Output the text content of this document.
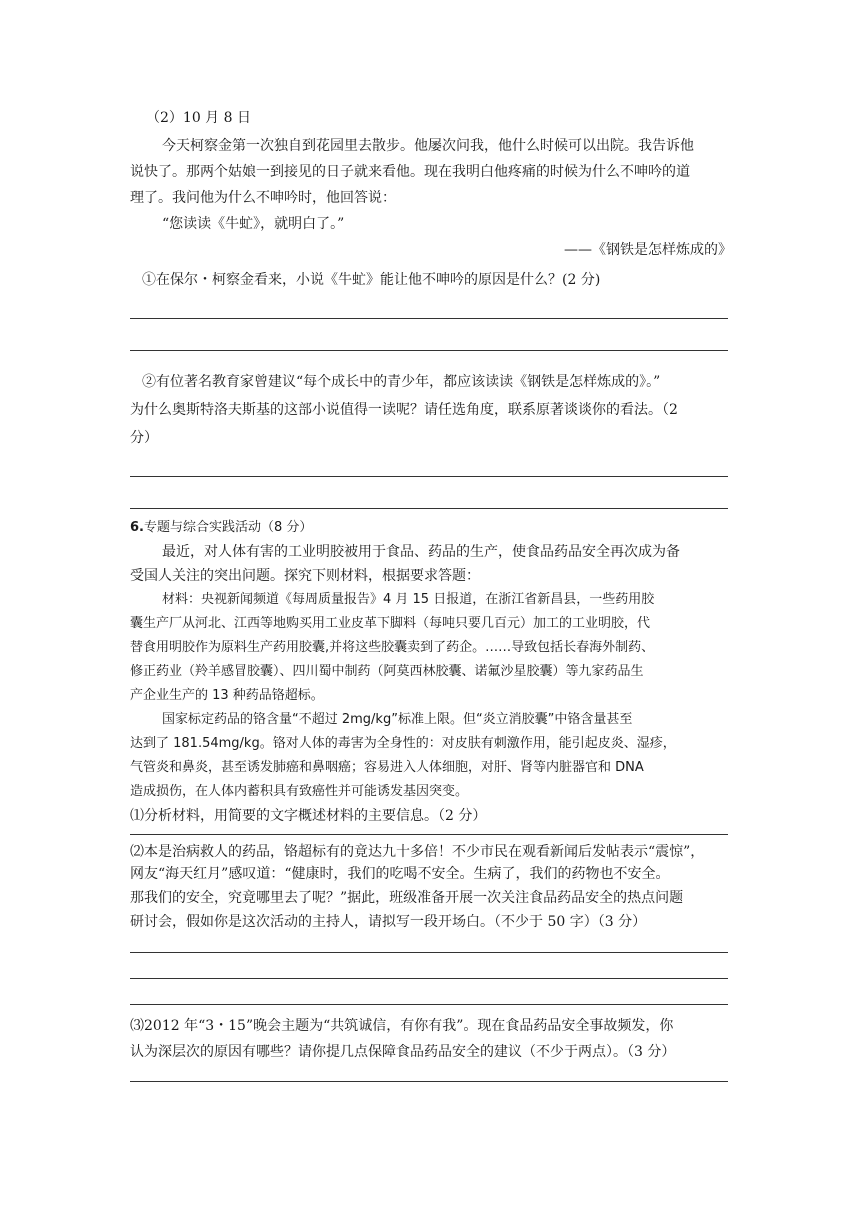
（2）10 月 8 日
今天柯察金第一次独自到花园里去散步。他屡次问我，他什么时候可以出院。我告诉他
说快了。那两个姑娘一到接见的日子就来看他。现在我明白他疼痛的时候为什么不呻吟的道
理了。我问他为什么不呻吟时，他回答说：
“您读读《牛虻》，就明白了。”
——《钢铁是怎样炼成的》
①在保尔・柯察金看来，小说《牛虻》能让他不呻吟的原因是什么？(2 分)
②有位著名教育家曾建议“每个成长中的青少年，都应该读读《钢铁是怎样炼成的》。”
为什么奥斯特洛夫斯基的这部小说值得一读呢？请任选角度，联系原著谈谈你的看法。（2
分）
6.专题与综合实践活动（8 分）
最近，对人体有害的工业明胶被用于食品、药品的生产，使食品药品安全再次成为备
受国人关注的突出问题。探究下则材料，根据要求答题：
材料：央视新闻频道《每周质量报告》4 月 15 日报道，在浙江省新昌县，一些药用胶
囊生产厂从河北、江西等地购买用工业皮革下脚料（每吨只要几百元）加工的工业明胶，代
替食用明胶作为原料生产药用胶囊,并将这些胶囊卖到了药企。……导致包括长春海外制药、
修正药业（羚羊感冒胶囊）、四川蜀中制药（阿莫西林胶囊、诺氟沙星胶囊）等九家药品生
产企业生产的 13 种药品铬超标。
国家标定药品的铬含量“不超过 2mg/kg”标准上限。但“炎立消胶囊”中铬含量甚至
达到了 181.54mg/kg。铬对人体的毒害为全身性的：对皮肤有刺激作用，能引起皮炎、湿疹，
气管炎和鼻炎，甚至诱发肺癌和鼻咽癌；容易进入人体细胞，对肝、肾等内脏器官和 DNA
造成损伤，在人体内蓄积具有致癌性并可能诱发基因突变。
⑴分析材料，用简要的文字概述材料的主要信息。（2 分）
⑵本是治病救人的药品，铬超标有的竟达九十多倍！不少市民在观看新闻后发帖表示“震惊”，
网友“海天红月”感叹道：“健康时，我们的吃喝不安全。生病了，我们的药物也不安全。
那我们的安全，究竟哪里去了呢？”据此，班级准备开展一次关注食品药品安全的热点问题
研讨会，假如你是这次活动的主持人，请拟写一段开场白。（不少于 50 字）（3 分）
⑶2012 年“3・15”晚会主题为“共筑诚信，有你有我”。现在食品药品安全事故频发，你
认为深层次的原因有哪些？请你提几点保障食品药品安全的建议（不少于两点）。（3 分）
